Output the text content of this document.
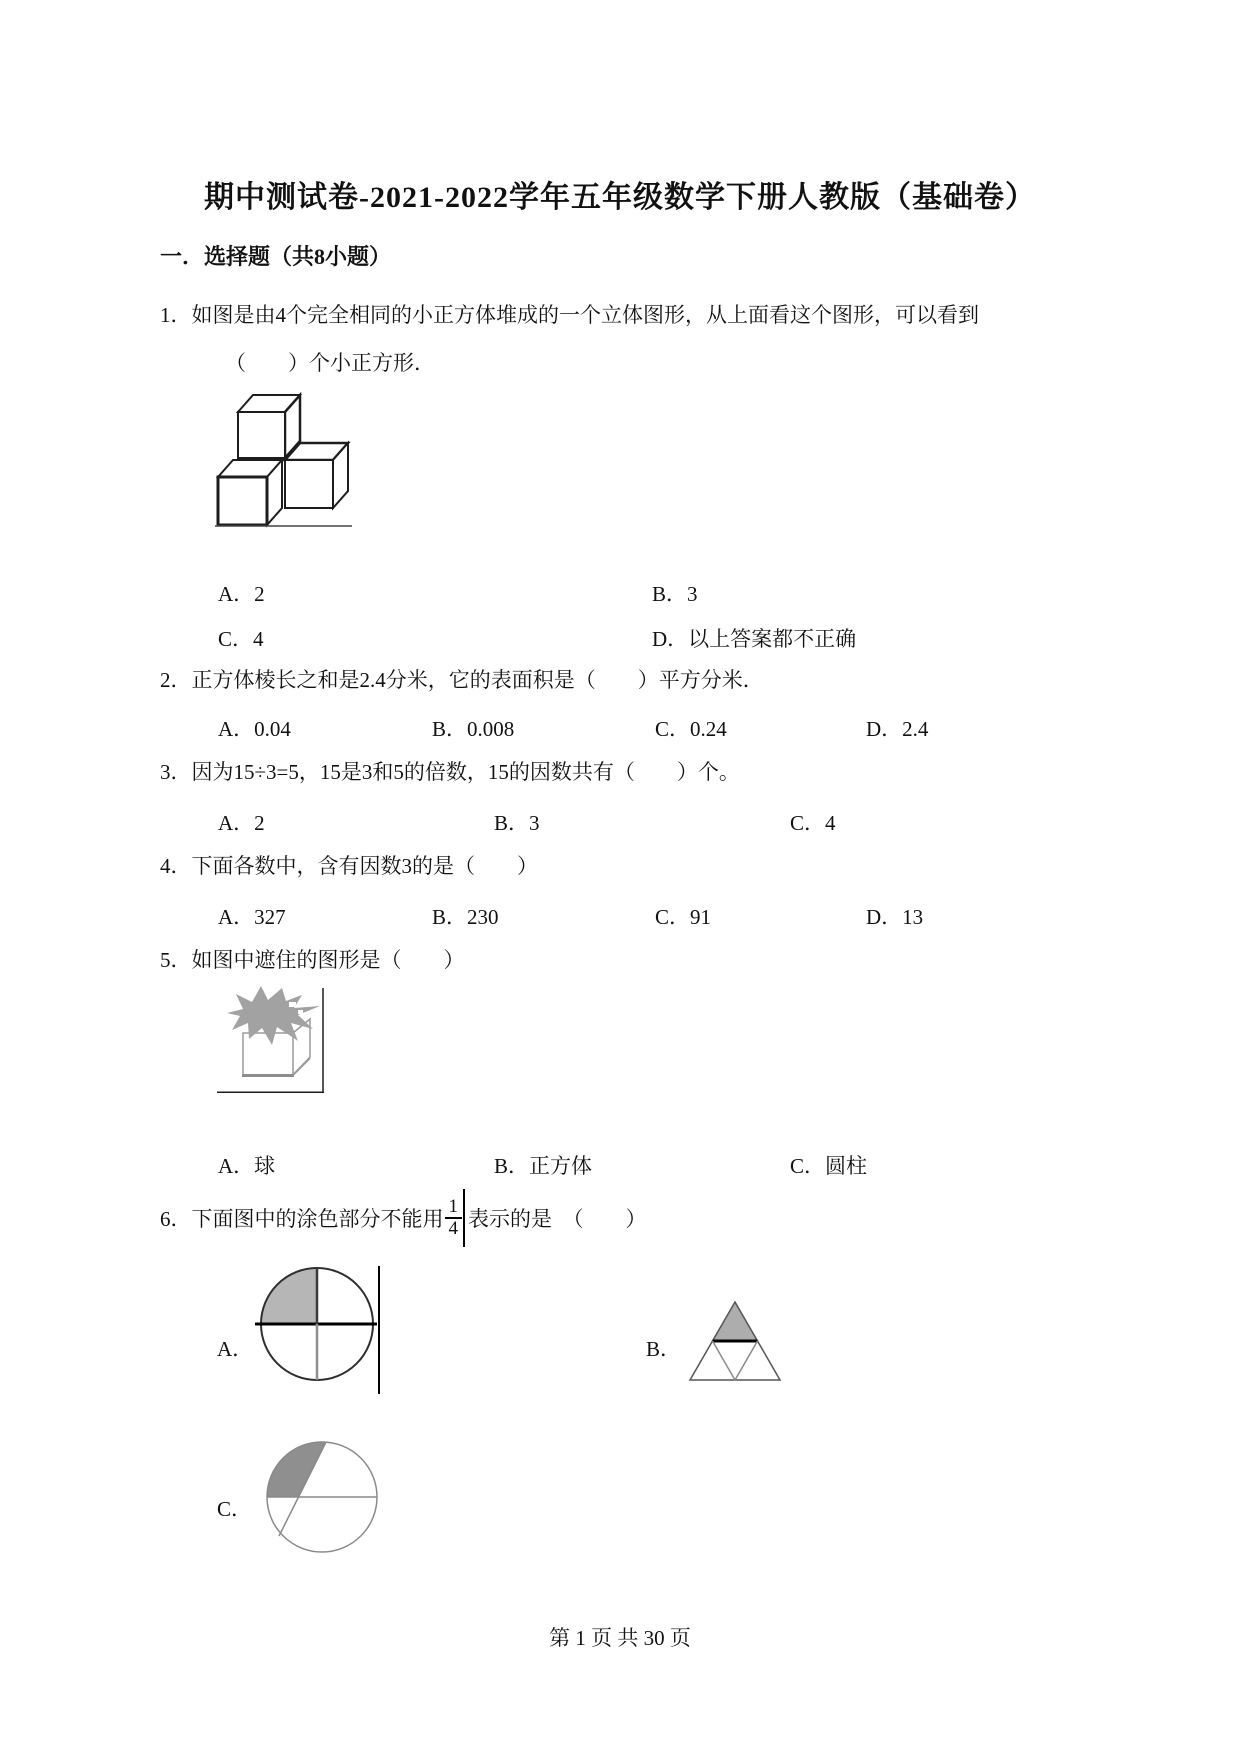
期中测试卷-2021-2022学年五年级数学下册人教版（基础卷）
一．选择题（共8小题）
1．如图是由4个完全相同的小正方体堆成的一个立体图形，从上面看这个图形，可以看到
（　　）个小正方形．
A．2	B．3
C．4	D．以上答案都不正确
2．正方体棱长之和是2.4分米，它的表面积是（　　）平方分米．
A．0.04	B．0.008	C．0.24	D．2.4
3．因为15÷3=5，15是3和5的倍数，15的因数共有（　　）个。
A．2	B．3	C．4
4．下面各数中，含有因数3的是（　　）
A．327	B．230	C．91	D．13
5．如图中遮住的图形是（　　）
A．球	B．正方体	C．圆柱
6．下面图中的涂色部分不能用 $\frac{1}{4}$ 表示的是　（　　）
A．	B．
C．
第 1 页 共 30 页
